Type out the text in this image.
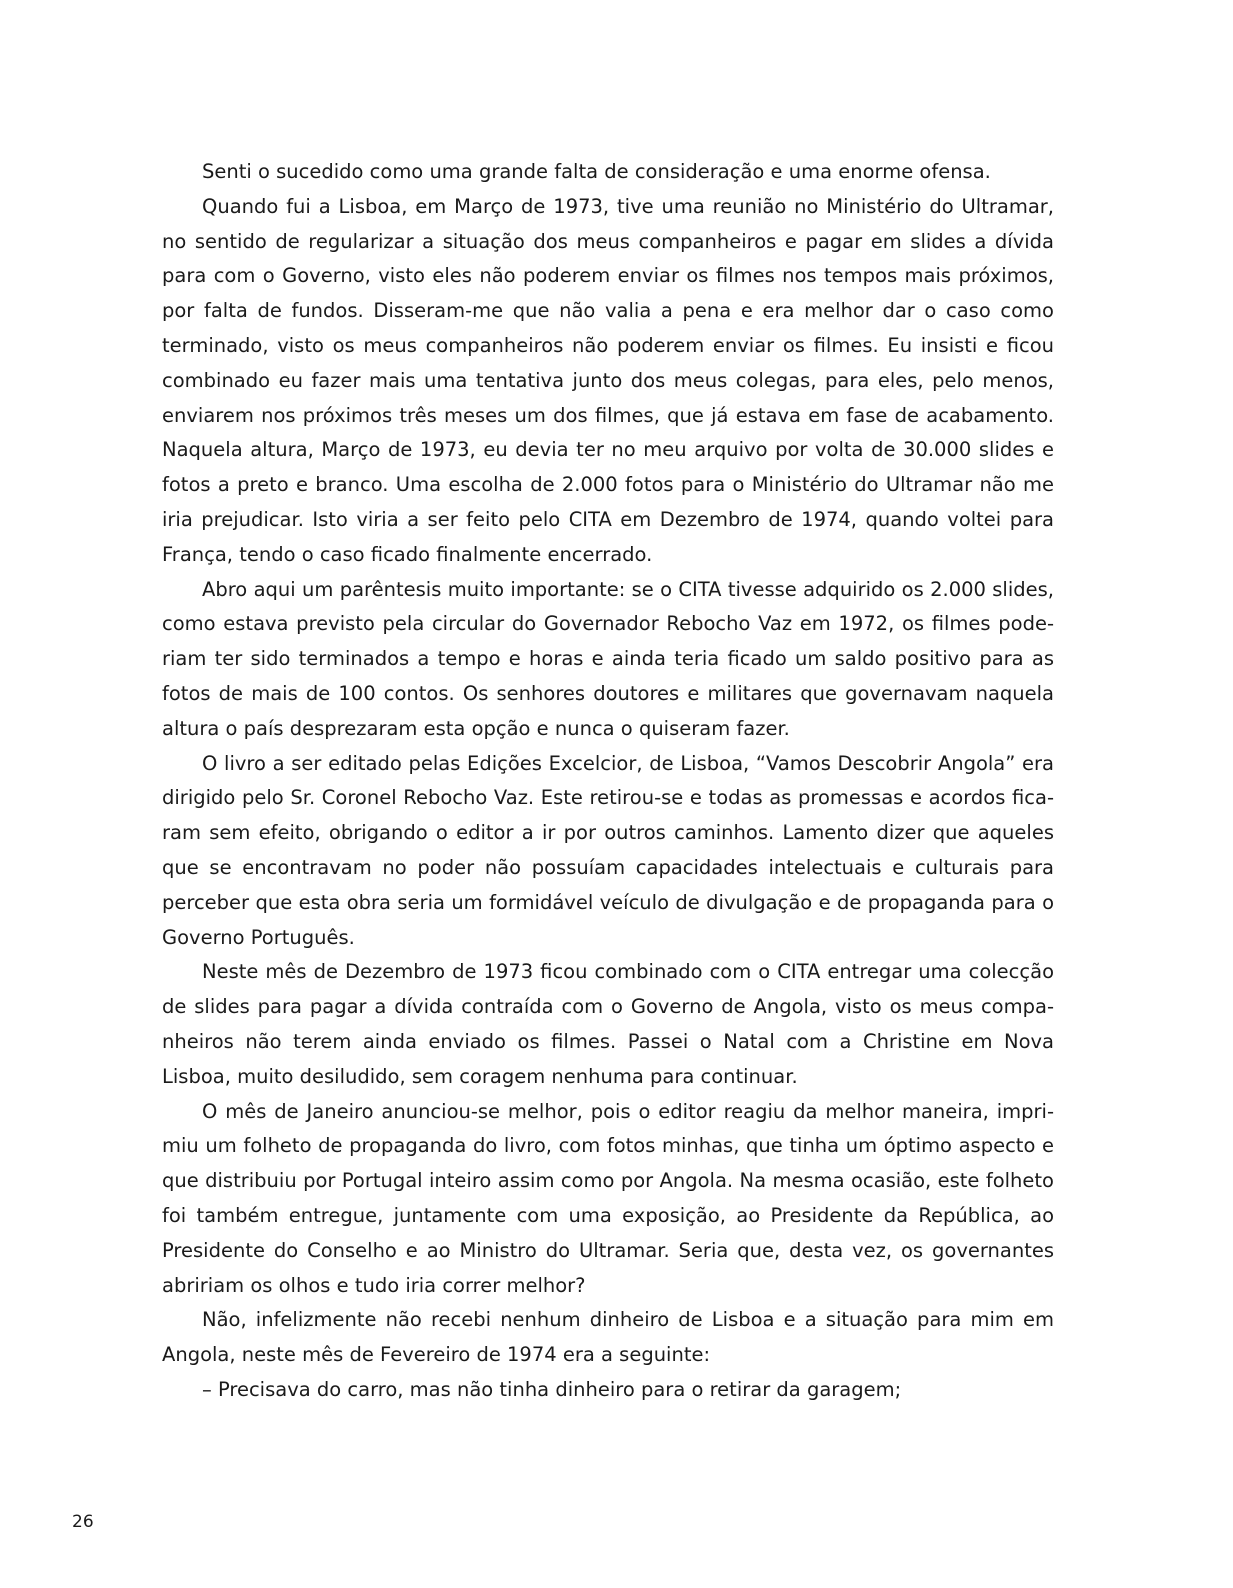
Senti o sucedido como uma grande falta de consideração e uma enorme ofensa.

Quando fui a Lisboa, em Março de 1973, tive uma reunião no Ministério do Ultramar, no sentido de regularizar a situação dos meus companheiros e pagar em slides a dívida para com o Governo, visto eles não poderem enviar os filmes nos tempos mais próximos, por falta de fundos. Disseram-me que não valia a pena e era melhor dar o caso como terminado, visto os meus companheiros não poderem enviar os filmes. Eu insisti e ficou combinado eu fazer mais uma tentativa junto dos meus colegas, para eles, pelo menos, enviarem nos próximos três meses um dos filmes, que já estava em fase de acabamento. Naquela altura, Março de 1973, eu devia ter no meu arquivo por volta de 30.000 slides e fotos a preto e branco. Uma escolha de 2.000 fotos para o Ministério do Ultramar não me iria prejudicar. Isto viria a ser feito pelo CITA em Dezembro de 1974, quando voltei para França, tendo o caso ficado finalmente encerrado.

Abro aqui um parêntesis muito importante: se o CITA tivesse adquirido os 2.000 slides, como estava previsto pela circular do Governador Rebocho Vaz em 1972, os filmes poderiam ter sido terminados a tempo e horas e ainda teria ficado um saldo positivo para as fotos de mais de 100 contos. Os senhores doutores e militares que governavam naquela altura o país desprezaram esta opção e nunca o quiseram fazer.

O livro a ser editado pelas Edições Excelcior, de Lisboa, “Vamos Descobrir Angola” era dirigido pelo Sr. Coronel Rebocho Vaz. Este retirou-se e todas as promessas e acordos ficaram sem efeito, obrigando o editor a ir por outros caminhos. Lamento dizer que aqueles que se encontravam no poder não possuíam capacidades intelectuais e culturais para perceber que esta obra seria um formidável veículo de divulgação e de propaganda para o Governo Português.

Neste mês de Dezembro de 1973 ficou combinado com o CITA entregar uma colecção de slides para pagar a dívida contraída com o Governo de Angola, visto os meus companheiros não terem ainda enviado os filmes. Passei o Natal com a Christine em Nova Lisboa, muito desiludido, sem coragem nenhuma para continuar.

O mês de Janeiro anunciou-se melhor, pois o editor reagiu da melhor maneira, imprimiu um folheto de propaganda do livro, com fotos minhas, que tinha um óptimo aspecto e que distribuiu por Portugal inteiro assim como por Angola. Na mesma ocasião, este folheto foi também entregue, juntamente com uma exposição, ao Presidente da República, ao Presidente do Conselho e ao Ministro do Ultramar. Seria que, desta vez, os governantes abririam os olhos e tudo iria correr melhor?

Não, infelizmente não recebi nenhum dinheiro de Lisboa e a situação para mim em Angola, neste mês de Fevereiro de 1974 era a seguinte:

– Precisava do carro, mas não tinha dinheiro para o retirar da garagem;

26
